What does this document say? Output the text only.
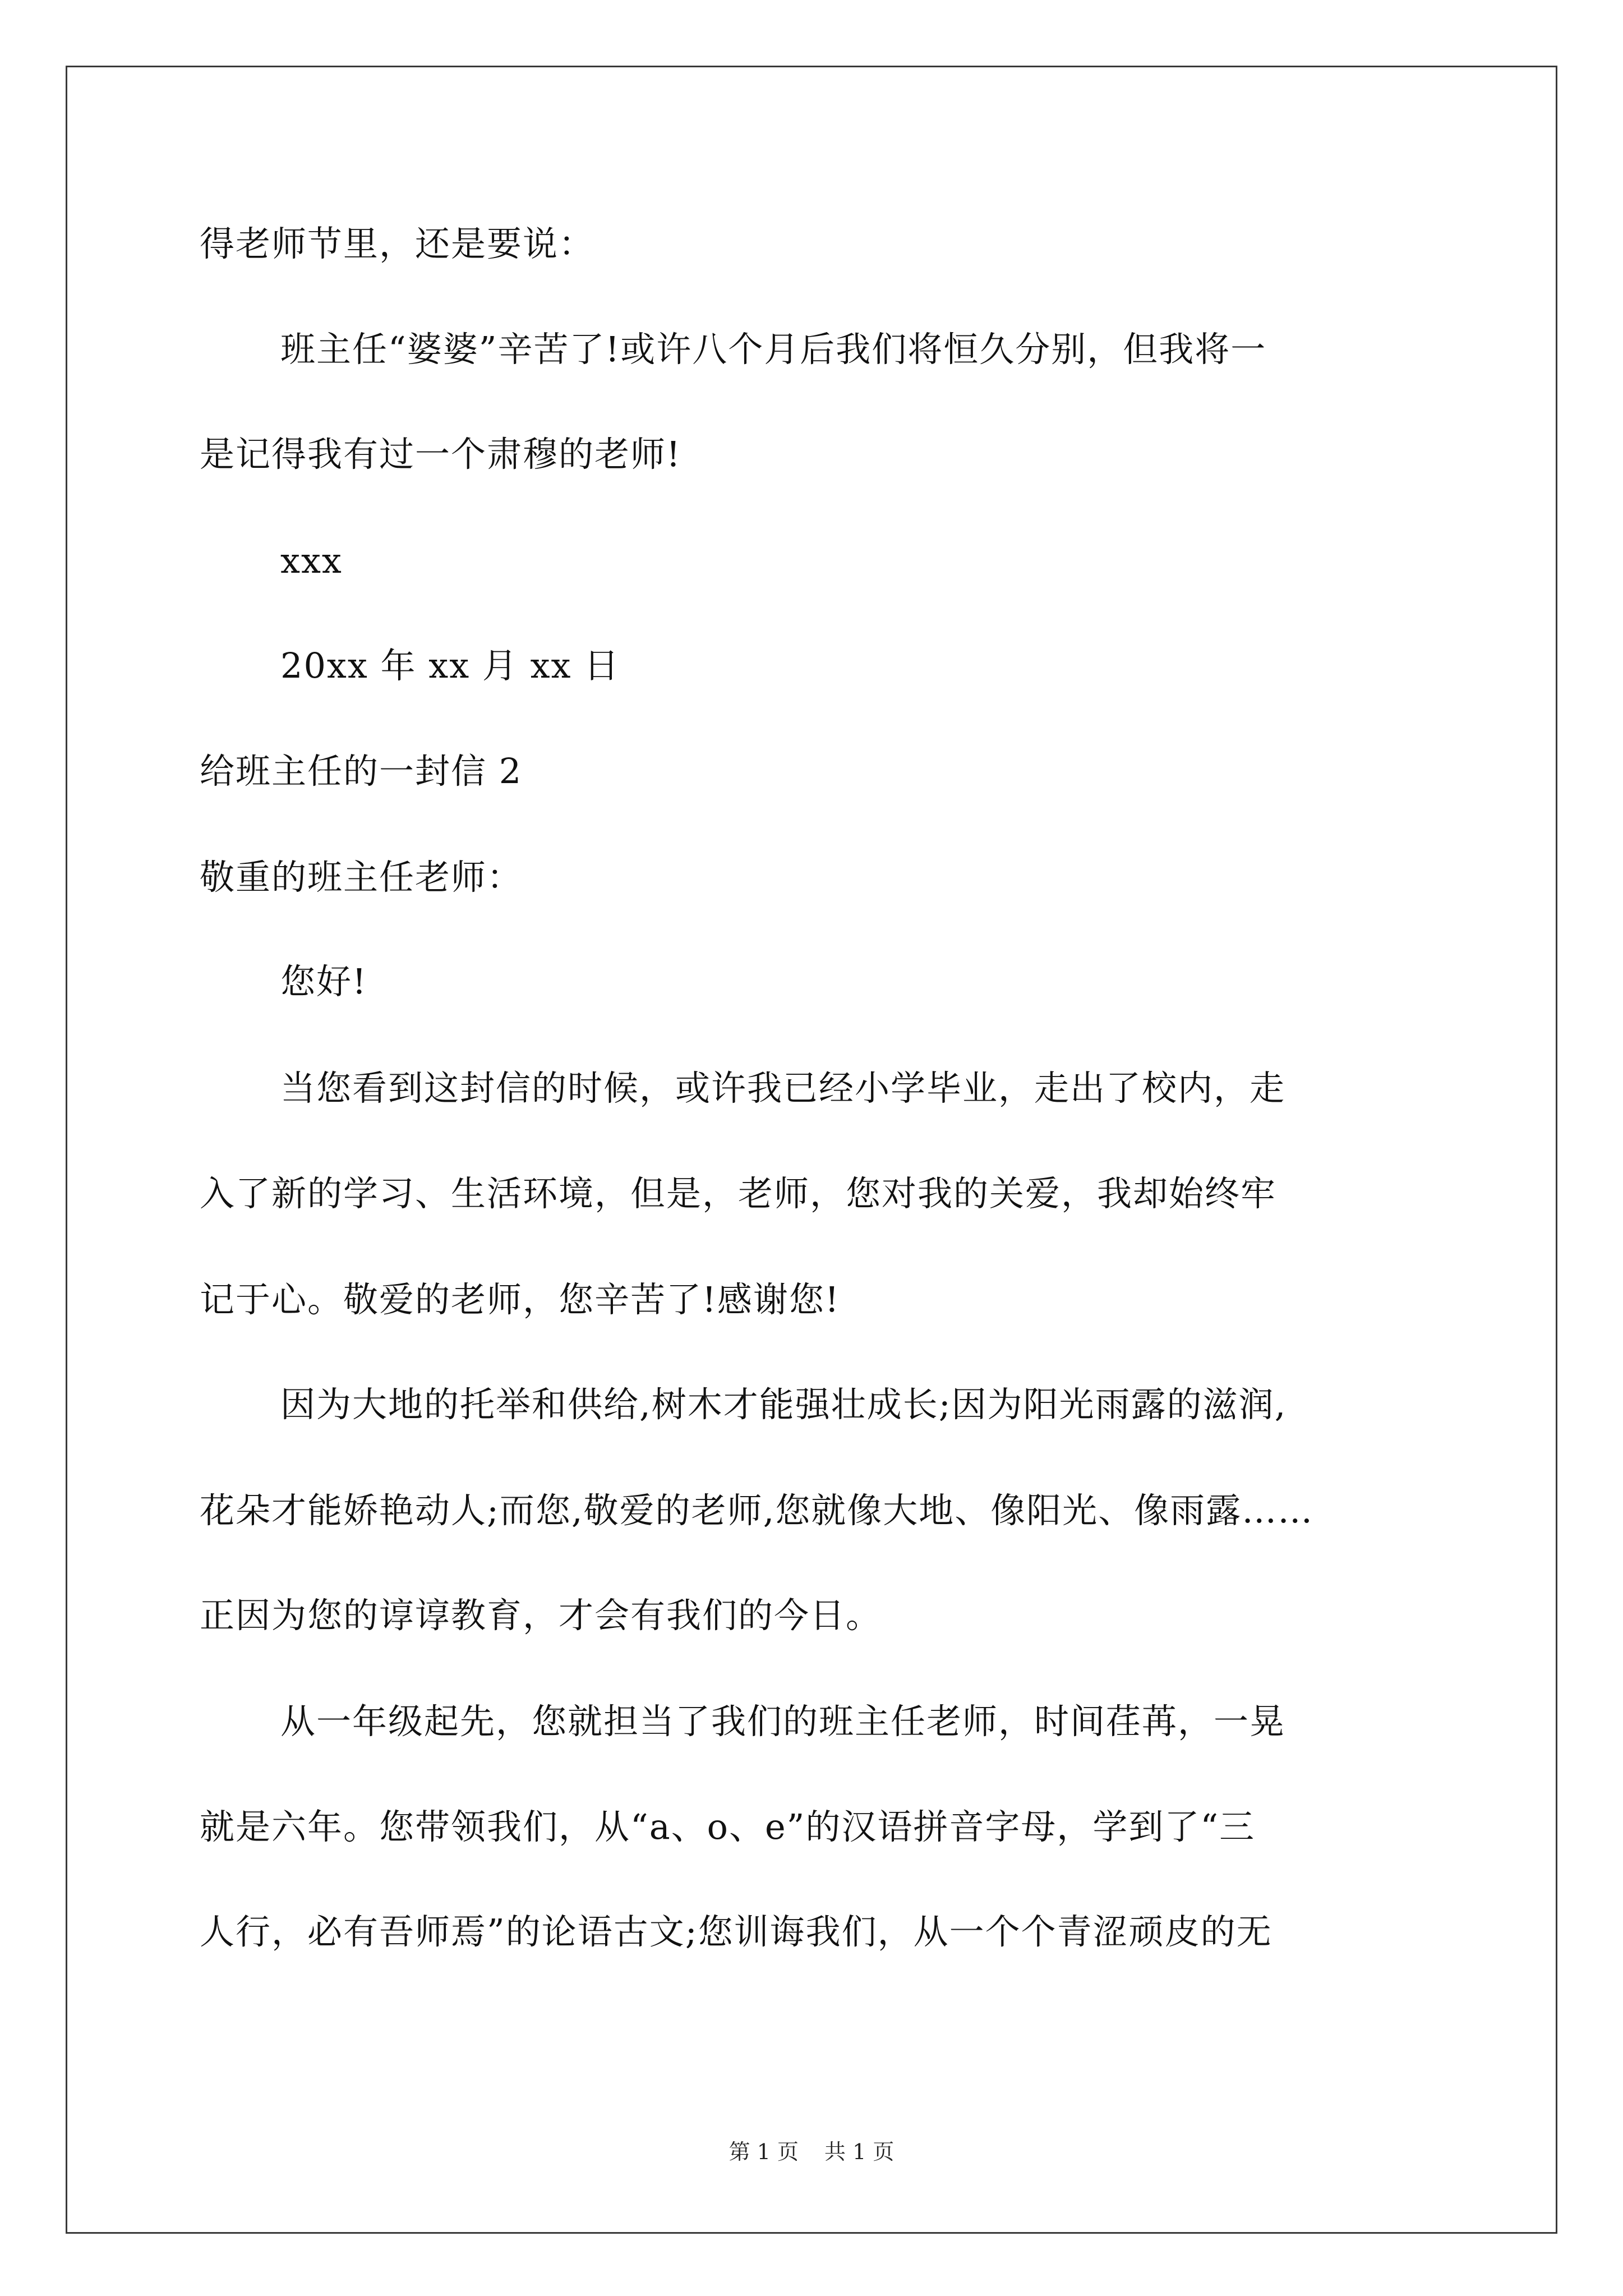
得老师节里，还是要说：
班主任“婆婆”辛苦了!或许八个月后我们将恒久分别，但我将一
是记得我有过一个肃穆的老师!
xxx
20xx 年 xx 月 xx 日
给班主任的一封信 2
敬重的班主任老师：
您好!
当您看到这封信的时候，或许我已经小学毕业，走出了校内，走
入了新的学习、生活环境，但是，老师，您对我的关爱，我却始终牢
记于心。敬爱的老师，您辛苦了!感谢您!
因为大地的托举和供给,树木才能强壮成长;因为阳光雨露的滋润,
花朵才能娇艳动人;而您,敬爱的老师,您就像大地、像阳光、像雨露……
正因为您的谆谆教育，才会有我们的今日。
从一年级起先，您就担当了我们的班主任老师，时间荏苒，一晃
就是六年。您带领我们，从“a、o、e”的汉语拼音字母，学到了“三
人行，必有吾师焉”的论语古文;您训诲我们，从一个个青涩顽皮的无
第 1 页 共 1 页
